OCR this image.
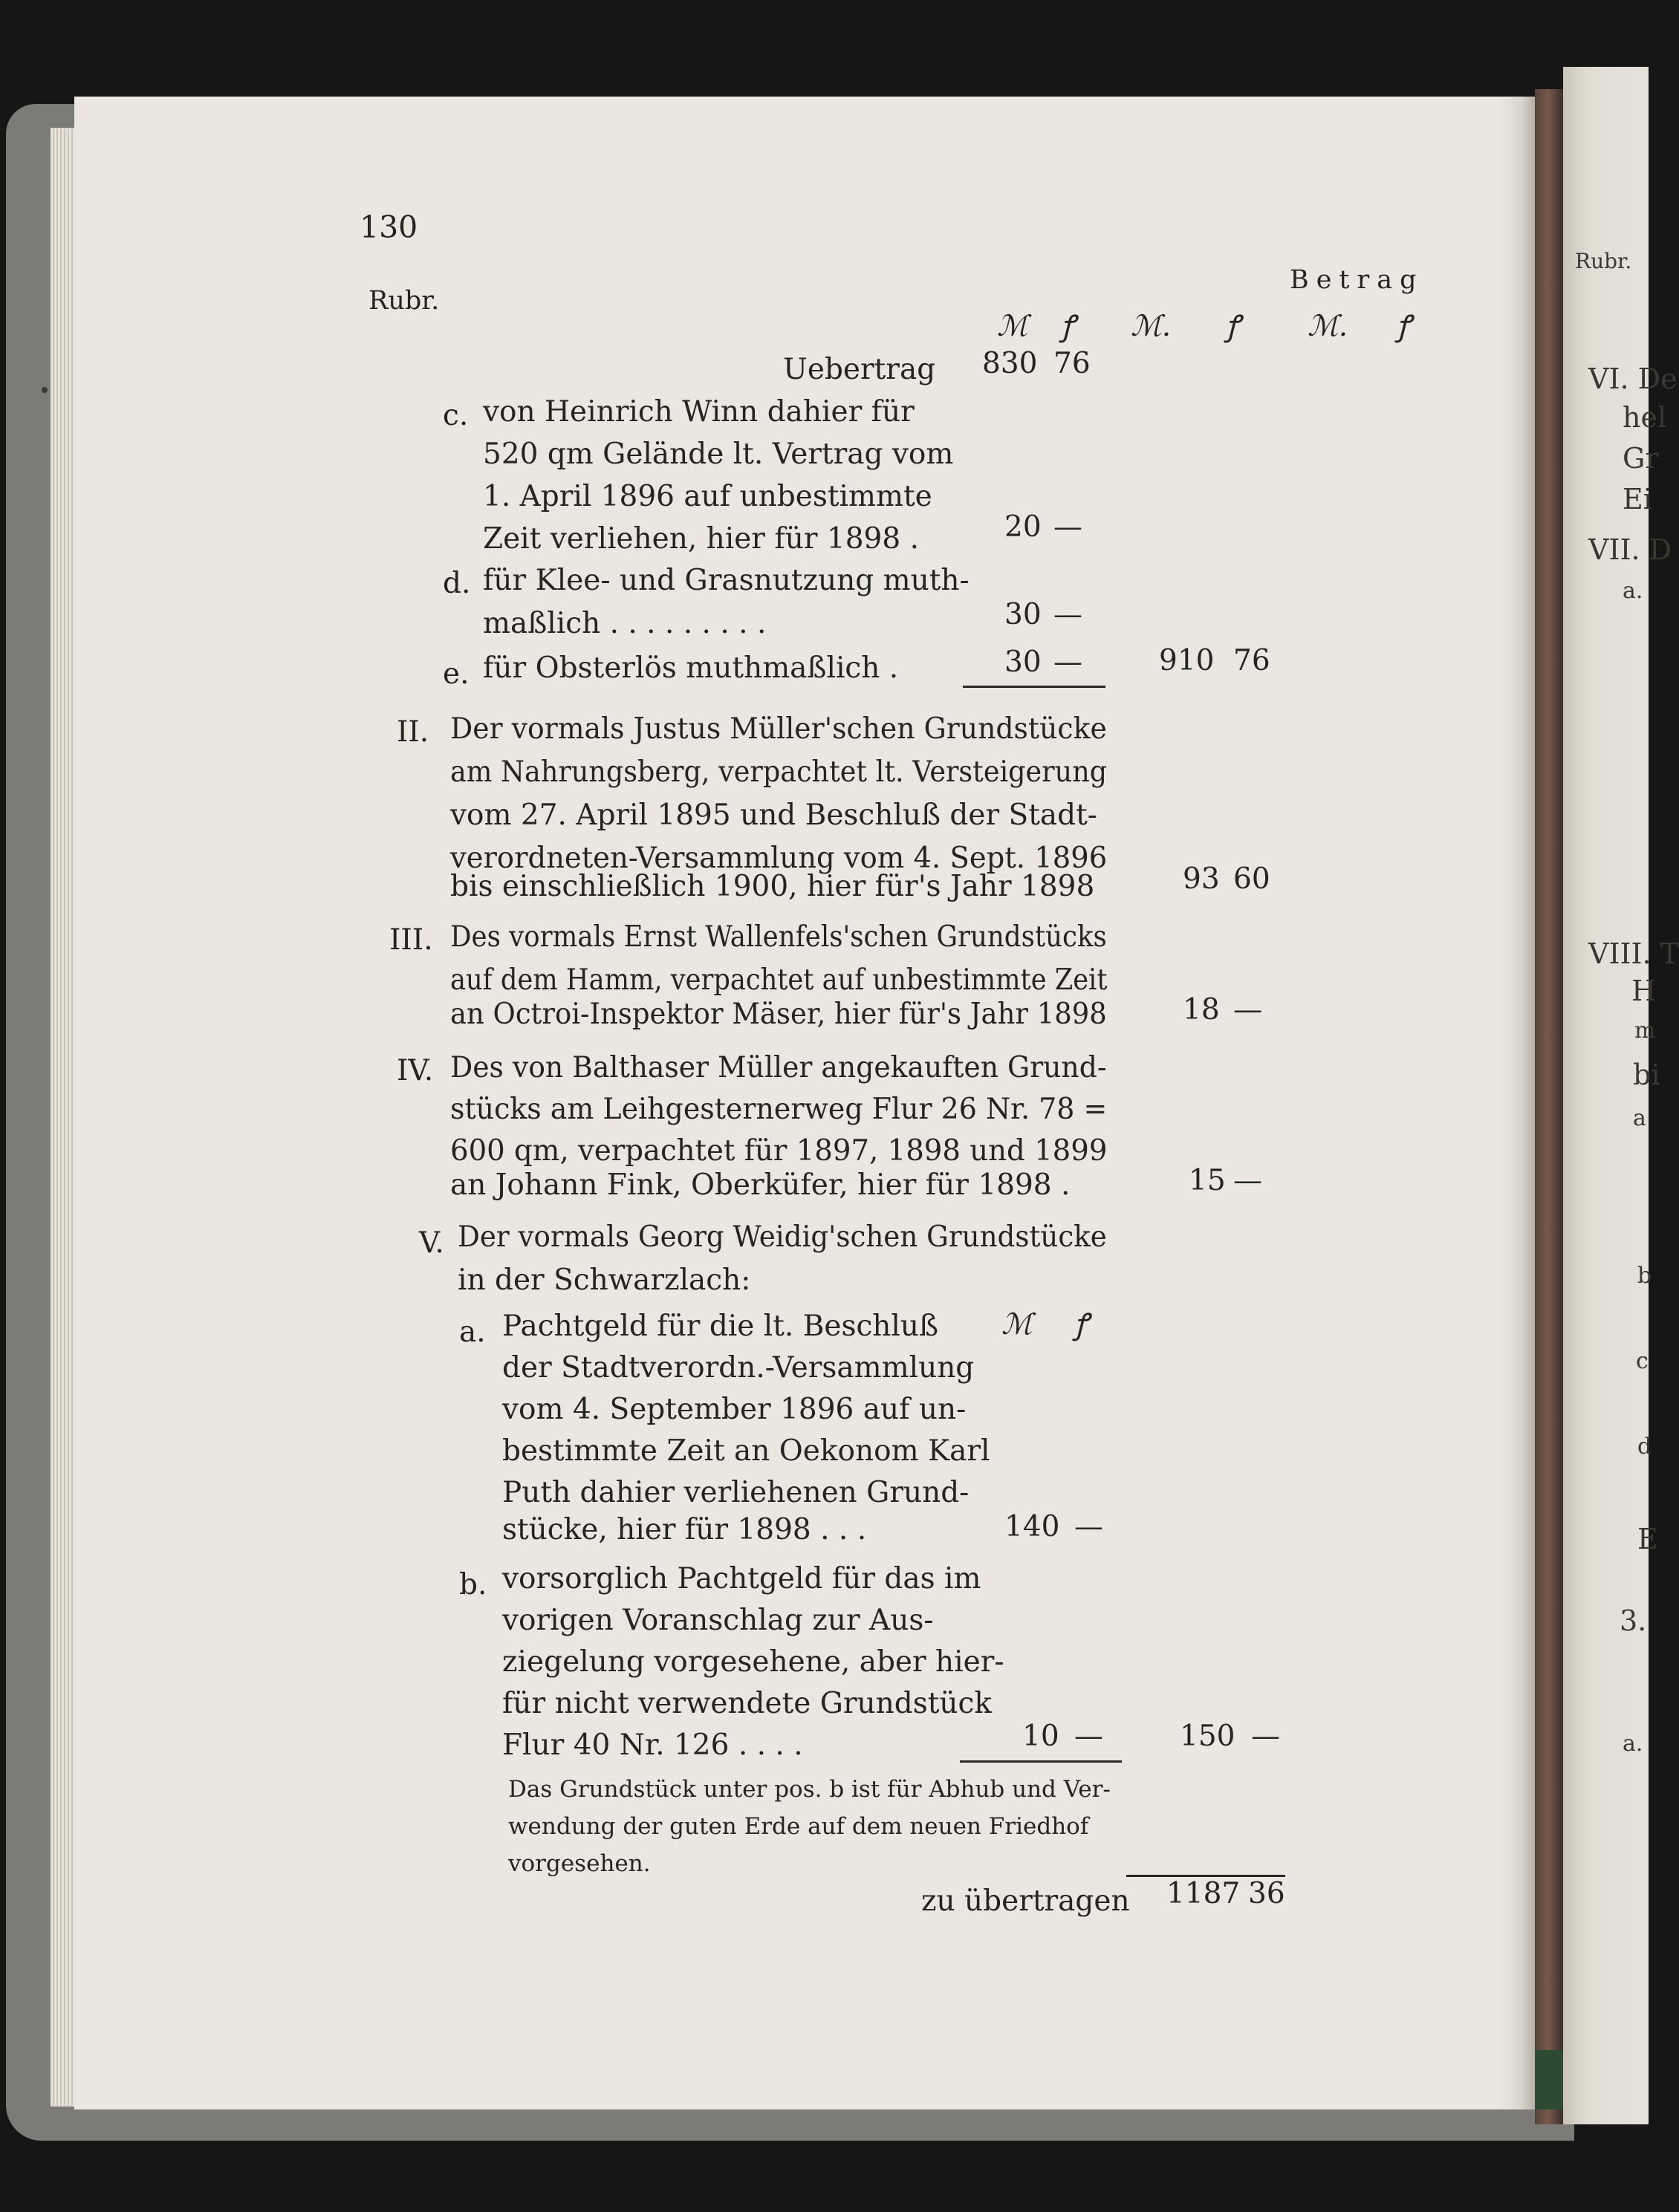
Rubr.
VI. De
hel
Gr
Ei
VII. D
a.
VIII. T
H
m
bi
a
b
c
d
E
3.
a.
130
Rubr.
Betrag
ℳ ꝭ ℳ. ꝭ ℳ. ꝭ
Uebertrag 830 76
c. von Heinrich Winn dahier für
520 qm Gelände lt. Vertrag vom
1. April 1896 auf unbestimmte
Zeit verliehen, hier für 1898 .	20 —
d. für Klee- und Grasnutzung muth-
maßlich . . . . . . . . .	30 —
e. für Obsterlös muthmaßlich .	30 —	910 76
II. Der vormals Justus Müller'schen Grundstücke
am Nahrungsberg, verpachtet lt. Versteigerung
vom 27. April 1895 und Beschluß der Stadt-
verordneten-Versammlung vom 4. Sept. 1896
bis einschließlich 1900, hier für's Jahr 1898	93 60
III. Des vormals Ernst Wallenfels'schen Grundstücks
auf dem Hamm, verpachtet auf unbestimmte Zeit
an Octroi-Inspektor Mäser, hier für's Jahr 1898	18 —
IV. Des von Balthaser Müller angekauften Grund-
stücks am Leihgesternerweg Flur 26 Nr. 78 =
600 qm, verpachtet für 1897, 1898 und 1899
an Johann Fink, Oberküfer, hier für 1898 .	15 —
V. Der vormals Georg Weidig'schen Grundstücke
in der Schwarzlach:
ℳ ꝭ
a. Pachtgeld für die lt. Beschluß
der Stadtverordn.-Versammlung
vom 4. September 1896 auf un-
bestimmte Zeit an Oekonom Karl
Puth dahier verliehenen Grund-
stücke, hier für 1898 . . .	140 —
b. vorsorglich Pachtgeld für das im
vorigen Voranschlag zur Aus-
ziegelung vorgesehene, aber hier-
für nicht verwendete Grundstück
Flur 40 Nr. 126 . . . .	10 —	150 —
Das Grundstück unter pos. b ist für Abhub und Ver-
wendung der guten Erde auf dem neuen Friedhof
vorgesehen.
zu übertragen 1187 36
